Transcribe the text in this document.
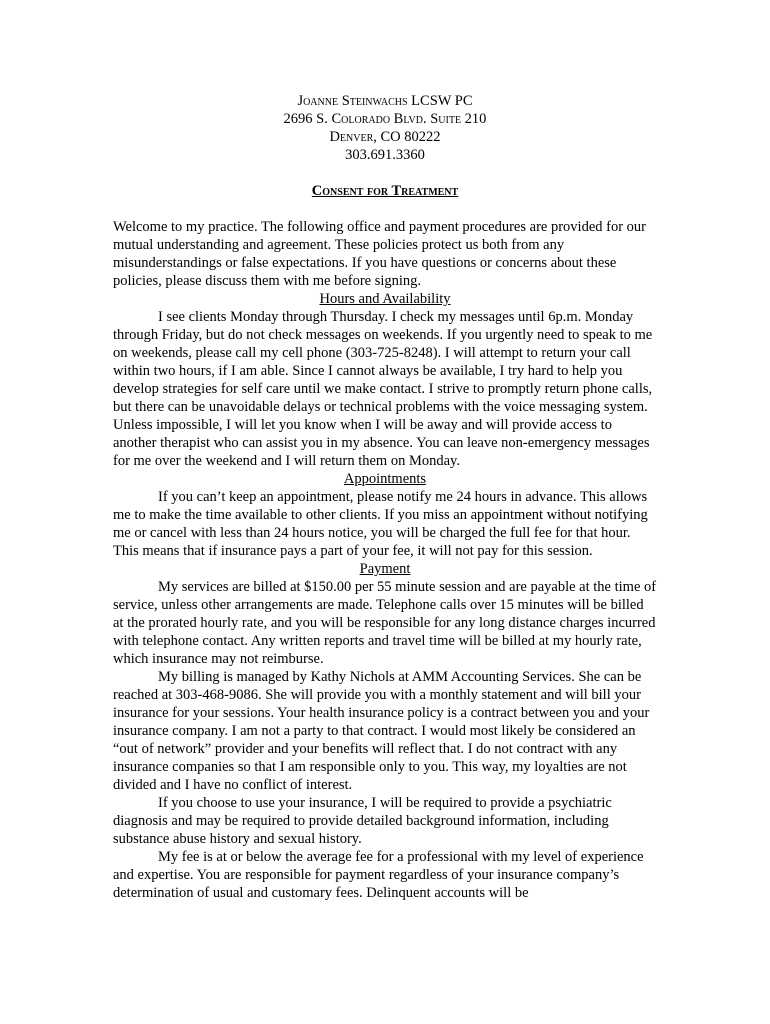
Joanne Steinwachs LCSW PC
2696 S. Colorado Blvd. Suite 210
Denver, CO 80222
303.691.3360
Consent for Treatment

Welcome to my practice. The following office and payment procedures are provided for our mutual understanding and agreement. These policies protect us both from any misunderstandings or false expectations. If you have questions or concerns about these policies, please discuss them with me before signing.

Hours and Availability

I see clients Monday through Thursday. I check my messages until 6p.m. Monday through Friday, but do not check messages on weekends. If you urgently need to speak to me on weekends, please call my cell phone (303-725-8248). I will attempt to return your call within two hours, if I am able. Since I cannot always be available, I try hard to help you develop strategies for self care until we make contact. I strive to promptly return phone calls, but there can be unavoidable delays or technical problems with the voice messaging system. Unless impossible, I will let you know when I will be away and will provide access to another therapist who can assist you in my absence. You can leave non-emergency messages for me over the weekend and I will return them on Monday.

Appointments

If you can’t keep an appointment, please notify me 24 hours in advance. This allows me to make the time available to other clients. If you miss an appointment without notifying me or cancel with less than 24 hours notice, you will be charged the full fee for that hour. This means that if insurance pays a part of your fee, it will not pay for this session.

Payment

My services are billed at $150.00 per 55 minute session and are payable at the time of service, unless other arrangements are made. Telephone calls over 15 minutes will be billed at the prorated hourly rate, and you will be responsible for any long distance charges incurred with telephone contact. Any written reports and travel time will be billed at my hourly rate, which insurance may not reimburse.

My billing is managed by Kathy Nichols at AMM Accounting Services. She can be reached at 303-468-9086. She will provide you with a monthly statement and will bill your insurance for your sessions. Your health insurance policy is a contract between you and your insurance company. I am not a party to that contract. I would most likely be considered an “out of network” provider and your benefits will reflect that. I do not contract with any insurance companies so that I am responsible only to you. This way, my loyalties are not divided and I have no conflict of interest.

If you choose to use your insurance, I will be required to provide a psychiatric diagnosis and may be required to provide detailed background information, including substance abuse history and sexual history.

My fee is at or below the average fee for a professional with my level of experience and expertise. You are responsible for payment regardless of your insurance company’s determination of usual and customary fees. Delinquent accounts will be
